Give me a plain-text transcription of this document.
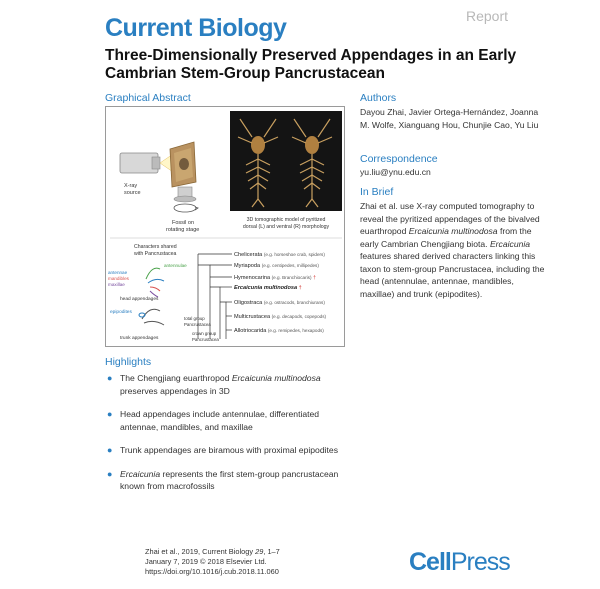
Current Biology	Report
Three-Dimensionally Preserved Appendages in an Early Cambrian Stem-Group Pancrustacean
Graphical Abstract
X-ray
source
Fossil on
rotating stage
3D tomographic model of pyritized
dorsal (L) and ventral (R) morphology
Characters shared
with Pancrustacea
antennae
mandibles
maxillae
antennulae
head appendages
epipodites
trunk appendages
total group
Pancrustacea
crown group
Pancrustacea
Chelicerata (e.g. horseshoe crab, spiders)
Myriapoda (e.g. centipedes, millipedes)
Hymenocarina (e.g. Branchiocaris) †
Ercaicunia multinodosa †
Oligostraca (e.g. ostracods, branchiurans)
Multicrustacea (e.g. decapods, copepods)
Allotriocarida (e.g. remipedes, hexapods)
Authors
Dayou Zhai, Javier Ortega-Hernández, Joanna M. Wolfe, Xianguang Hou, Chunjie Cao, Yu Liu
Correspondence
yu.liu@ynu.edu.cn
In Brief
Zhai et al. use X-ray computed tomography to reveal the pyritized appendages of the bivalved euarthropod Ercaicunia multinodosa from the early Cambrian Chengjiang biota. Ercaicunia features shared derived characters linking this taxon to stem-group Pancrustacea, including the head (antennulae, antennae, mandibles, maxillae) and trunk (epipodites).
Highlights
● The Chengjiang euarthropod Ercaicunia multinodosa preserves appendages in 3D
● Head appendages include antennulae, differentiated antennae, mandibles, and maxillae
● Trunk appendages are biramous with proximal epipodites
● Ercaicunia represents the first stem-group pancrustacean known from macrofossils
Zhai et al., 2019, Current Biology 29, 1–7
January 7, 2019 © 2018 Elsevier Ltd.
https://doi.org/10.1016/j.cub.2018.11.060	CellPress
